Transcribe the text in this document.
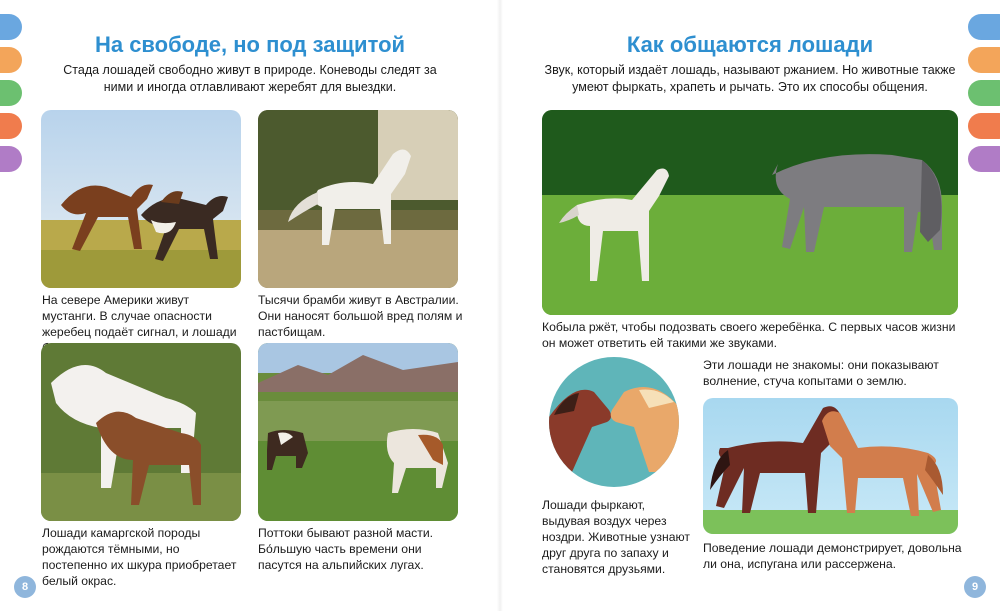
На свободе, но под защитой

Стада лошадей свободно живут в природе. Коневоды следят за ними и иногда отлавливают жеребят для выездки.

На севере Америки живут мустанги. В случае опасности жеребец подаёт сигнал, и лошади

Тысячи брамби живут в Австралии. Они наносят большой вред полям и пастбищам.

Лошади камаргской породы рождаются тёмными, но постепенно их шкура приобретает белый окрас.

Поттоки бывают разной масти. Бо́льшую часть времени они пасутся на альпийских лугах.

8
Как общаются лошади

Звук, который издаёт лошадь, называют ржанием. Но животные также умеют фыркать, храпеть и рычать. Это их способы общения.

Кобыла ржёт, чтобы подозвать своего жеребёнка. С первых часов жизни он может ответить ей такими же звуками.

Лошади фыркают, выдувая воздух через ноздри. Животные узнают друг друга по запаху и становятся друзьями.

Эти лошади не знакомы: они показывают волнение, стуча копытами о землю.

Поведение лошади демонстрирует, довольна ли она, испугана или рассержена.

9
